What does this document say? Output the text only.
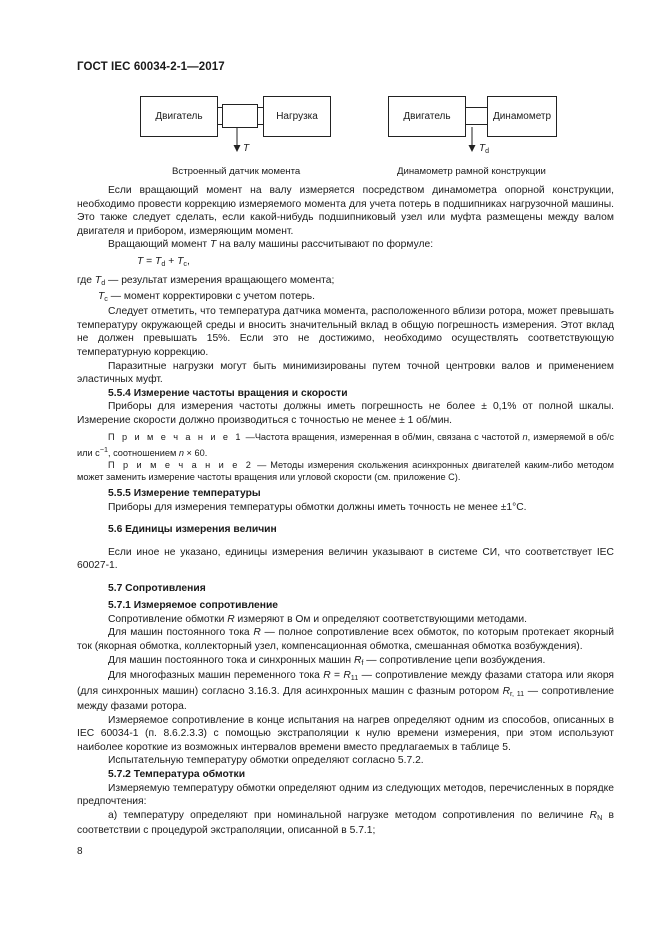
ГОСТ IEC 60034-2-1—2017
Двигатель	Нагрузка
T
Встроенный датчик момента
Двигатель	Динамометр
$T_d$
Динамометр рамной конструкции

Если вращающий момент на валу измеряется посредством динамометра опорной конструкции, необходимо провести коррекцию измеряемого момента для учета потерь в подшипниках нагрузочной машины. Это также следует сделать, если какой-нибудь подшипниковый узел или муфта размещены между валом двигателя и прибором, измеряющим момент.

Вращающий момент T на валу машины рассчитывают по формуле:

$T = T_d + T_c$,

где $T_d$ — результат измерения вращающего момента;

$T_c$ — момент корректировки с учетом потерь.

Следует отметить, что температура датчика момента, расположенного вблизи ротора, может превышать температуру окружающей среды и вносить значительный вклад в общую погрешность измерения. Этот вклад не должен превышать 15%. Если это не достижимо, необходимо осуществлять соответствующую температурную коррекцию.

Паразитные нагрузки могут быть минимизированы путем точной центровки валов и применением эластичных муфт.

5.5.4 Измерение частоты вращения и скорости

Приборы для измерения частоты должны иметь погрешность не более ± 0,1% от полной шкалы. Измерение скорости должно производиться с точностью не менее ± 1 об/мин.

П р и м е ч а н и е 1 —Частота вращения, измеренная в об/мин, связана с частотой n, измеряемой в об/с или $с^{-1}$, соотношением n × 60.

П р и м е ч а н и е 2 — Методы измерения скольжения асинхронных двигателей каким-либо методом может заменить измерение частоты вращения или угловой скорости (см. приложение С).

5.5.5 Измерение температуры

Приборы для измерения температуры обмотки должны иметь точность не менее ±1°С.

5.6 Единицы измерения величин

Если иное не указано, единицы измерения величин указывают в системе СИ, что соответствует IEC 60027-1.

5.7 Сопротивления

5.7.1 Измеряемое сопротивление

Сопротивление обмотки R измеряют в Ом и определяют соответствующими методами.

Для машин постоянного тока R — полное сопротивление всех обмоток, по которым протекает якорный ток (якорная обмотка, коллекторный узел, компенсационная обмотка, смешанная обмотка возбуждения).

Для машин постоянного тока и синхронных машин $R_f$ — сопротивление цепи возбуждения.

Для многофазных машин переменного тока $R = R_{11}$ — сопротивление между фазами статора или якоря (для синхронных машин) согласно 3.16.3. Для асинхронных машин с фазным ротором $R_{r, 11}$ — сопротивление между фазами ротора.

Измеряемое сопротивление в конце испытания на нагрев определяют одним из способов, описанных в IEC 60034-1 (п. 8.6.2.3.3) с помощью экстраполяции к нулю времени измерения, при этом используют наиболее короткие из возможных интервалов времени вместо предлагаемых в таблице 5.

Испытательную температуру обмотки определяют согласно 5.7.2.

5.7.2 Температура обмотки

Измеряемую температуру обмотки определяют одним из следующих методов, перечисленных в порядке предпочтения:

а) температуру определяют при номинальной нагрузке методом сопротивления по величине $R_N$ в соответствии с процедурой экстраполяции, описанной в 5.7.1;

8
